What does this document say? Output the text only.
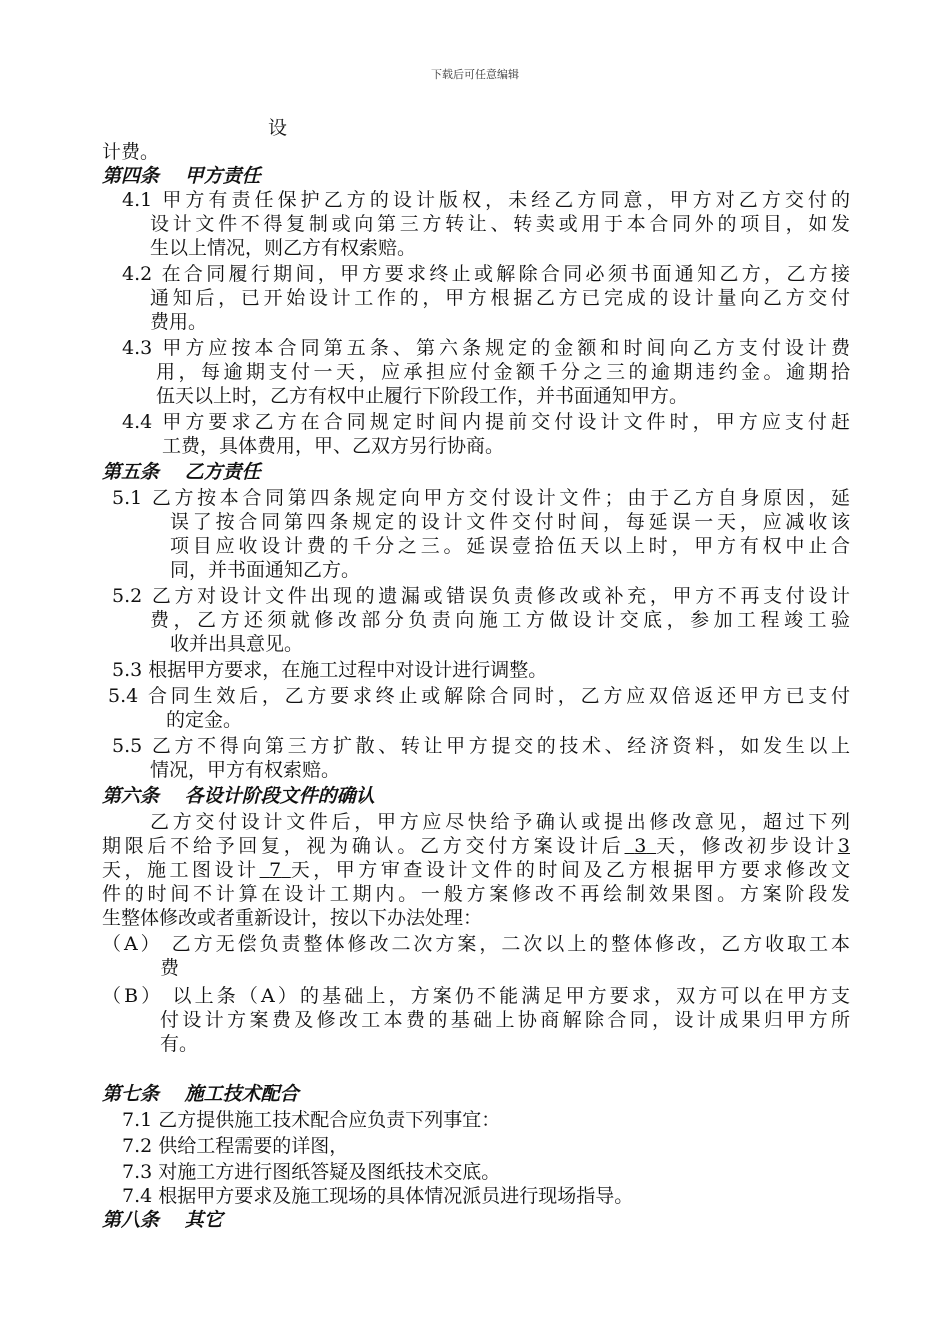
下载后可任意编辑
设
计费。
第四条　 甲方责任
4.1 甲方有责任保护乙方的设计版权，未经乙方同意，甲方对乙方交付的
设计文件不得复制或向第三方转让、转卖或用于本合同外的项目，如发
生以上情况，则乙方有权索赔。
4.2 在合同履行期间，甲方要求终止或解除合同必须书面通知乙方，乙方接
通知后，已开始设计工作的，甲方根据乙方已完成的设计量向乙方交付
费用。
4.3 甲方应按本合同第五条、第六条规定的金额和时间向乙方支付设计费
用，每逾期支付一天，应承担应付金额千分之三的逾期违约金。逾期拾
伍天以上时，乙方有权中止履行下阶段工作，并书面通知甲方。
4.4 甲方要求乙方在合同规定时间内提前交付设计文件时，甲方应支付赶
工费，具体费用，甲、乙双方另行协商。
第五条　 乙方责任
5.1 乙方按本合同第四条规定向甲方交付设计文件；由于乙方自身原因，延
误了按合同第四条规定的设计文件交付时间，每延误一天，应减收该
项目应收设计费的千分之三。延误壹拾伍天以上时，甲方有权中止合
同，并书面通知乙方。
5.2 乙方对设计文件出现的遗漏或错误负责修改或补充，甲方不再支付设计
费，乙方还须就修改部分负责向施工方做设计交底，参加工程竣工验
收并出具意见。
5.3 根据甲方要求，在施工过程中对设计进行调整。
5.4 合同生效后，乙方要求终止或解除合同时，乙方应双倍返还甲方已支付
的定金。
5.5 乙方不得向第三方扩散、转让甲方提交的技术、经济资料，如发生以上
情况，甲方有权索赔。
第六条　 各设计阶段文件的确认
乙方交付设计文件后，甲方应尽快给予确认或提出修改意见，超过下列
期限后不给予回复，视为确认。乙方交付方案设计后 3 天，修改初步设计3
天，施工图设计 7 天，甲方审查设计文件的时间及乙方根据甲方要求修改文
件的时间不计算在设计工期内。一般方案修改不再绘制效果图。方案阶段发
生整体修改或者重新设计，按以下办法处理：
（A） 乙方无偿负责整体修改二次方案，二次以上的整体修改，乙方收取工本
费
（B） 以上条（A）的基础上，方案仍不能满足甲方要求，双方可以在甲方支
付设计方案费及修改工本费的基础上协商解除合同，设计成果归甲方所
有。
第七条　 施工技术配合
7.1 乙方提供施工技术配合应负责下列事宜：
7.2 供给工程需要的详图，
7.3 对施工方进行图纸答疑及图纸技术交底。
7.4 根据甲方要求及施工现场的具体情况派员进行现场指导。
第八条　 其它
